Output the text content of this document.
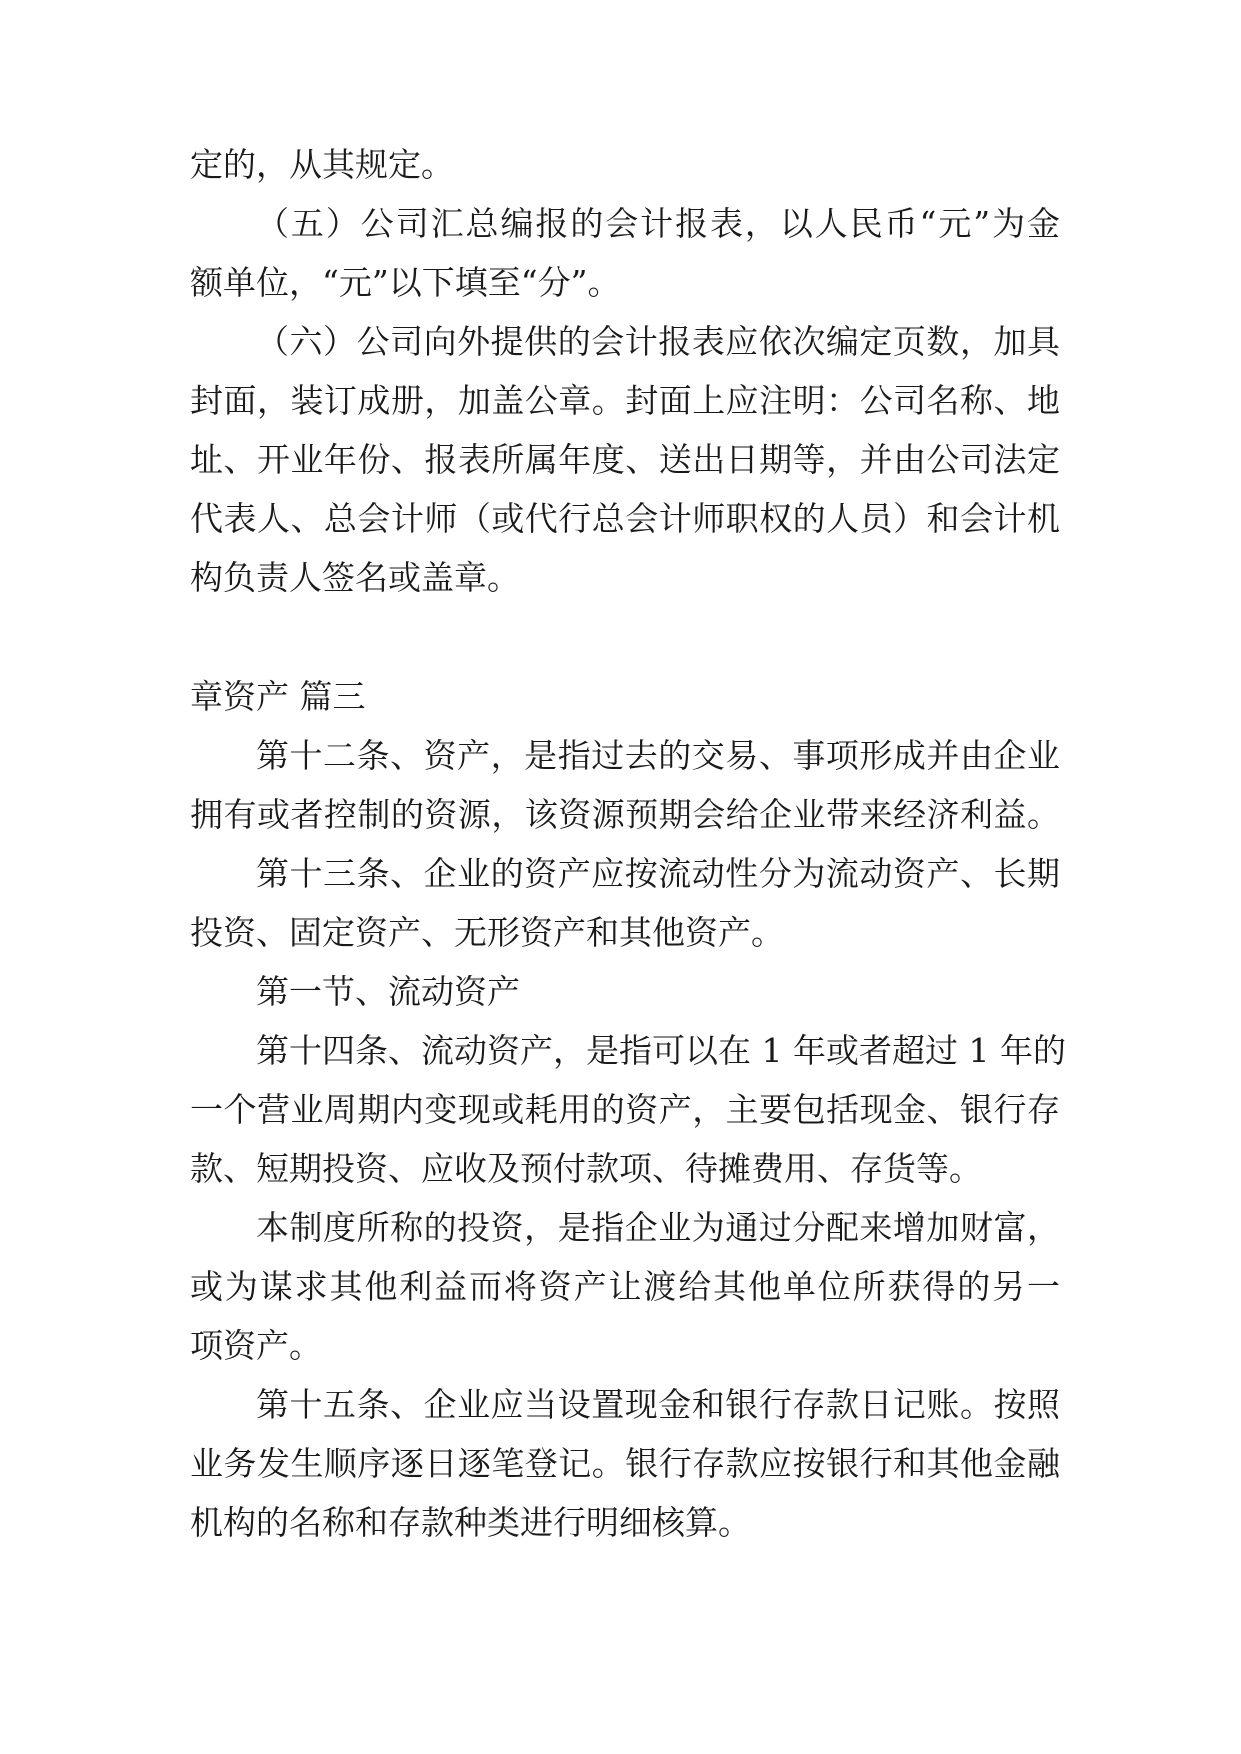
定的，从其规定。
（五）公司汇总编报的会计报表，以人民币“元”为金
额单位，“元”以下填至“分”。
（六）公司向外提供的会计报表应依次编定页数，加具
封面，装订成册，加盖公章。封面上应注明：公司名称、地
址、开业年份、报表所属年度、送出日期等，并由公司法定
代表人、总会计师（或代行总会计师职权的人员）和会计机
构负责人签名或盖章。
章资产 篇三
第十二条、资产，是指过去的交易、事项形成并由企业
拥有或者控制的资源，该资源预期会给企业带来经济利益。
第十三条、企业的资产应按流动性分为流动资产、长期
投资、固定资产、无形资产和其他资产。
第一节、流动资产
第十四条、流动资产，是指可以在 1 年或者超过 1 年的
一个营业周期内变现或耗用的资产，主要包括现金、银行存
款、短期投资、应收及预付款项、待摊费用、存货等。
本制度所称的投资，是指企业为通过分配来增加财富，
或为谋求其他利益而将资产让渡给其他单位所获得的另一
项资产。
第十五条、企业应当设置现金和银行存款日记账。按照
业务发生顺序逐日逐笔登记。银行存款应按银行和其他金融
机构的名称和存款种类进行明细核算。
